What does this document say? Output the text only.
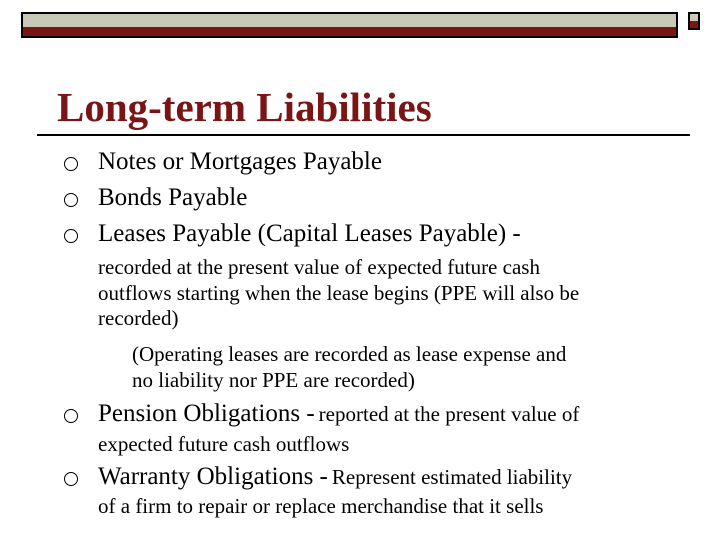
Long-term Liabilities
Notes or Mortgages Payable
Bonds Payable
Leases Payable (Capital Leases Payable) -
recorded at the present value of expected future cash
outflows starting when the lease begins (PPE will also be
recorded)
(Operating leases are recorded as lease expense and
no liability nor PPE are recorded)
Pension Obligations - reported at the present value of
expected future cash outflows
Warranty Obligations - Represent estimated liability
of a firm to repair or replace merchandise that it sells
